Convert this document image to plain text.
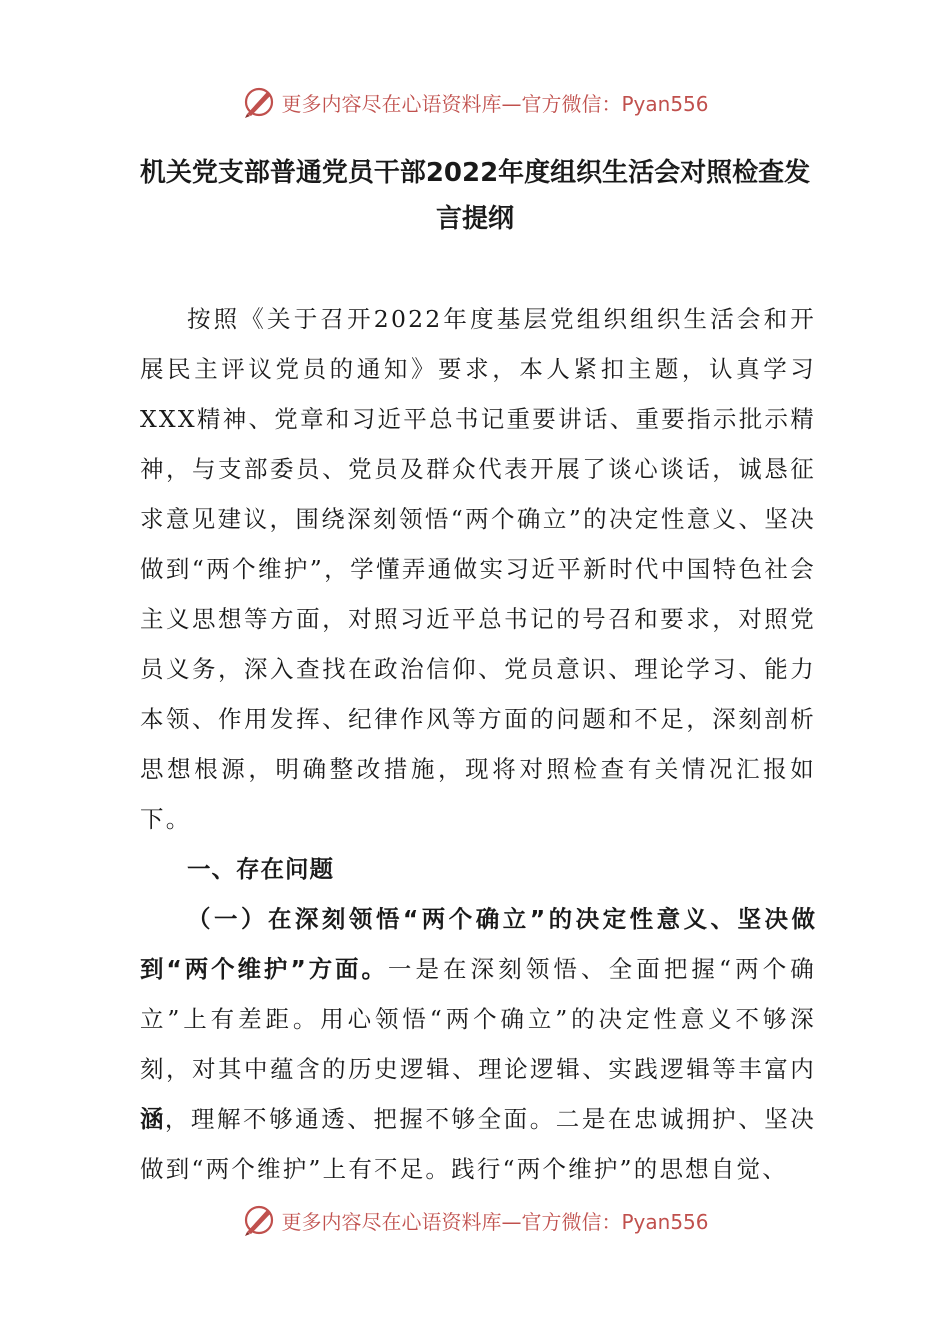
更多内容尽在心语资料库—官方微信：Pyan556
机关党支部普通党员干部2022年度组织生活会对照检查发言提纲

按照《关于召开2022年度基层党组织组织生活会和开展民主评议党员的通知》要求，本人紧扣主题，认真学习XXX精神、党章和习近平总书记重要讲话、重要指示批示精神，与支部委员、党员及群众代表开展了谈心谈话，诚恳征求意见建议，围绕深刻领悟“两个确立”的决定性意义、坚决做到“两个维护”，学懂弄通做实习近平新时代中国特色社会主义思想等方面，对照习近平总书记的号召和要求，对照党员义务，深入查找在政治信仰、党员意识、理论学习、能力本领、作用发挥、纪律作风等方面的问题和不足，深刻剖析思想根源，明确整改措施，现将对照检查有关情况汇报如下。

一、存在问题

（一）在深刻领悟“两个确立”的决定性意义、坚决做到“两个维护”方面。一是在深刻领悟、全面把握“两个确立”上有差距。用心领悟“两个确立”的决定性意义不够深刻，对其中蕴含的历史逻辑、理论逻辑、实践逻辑等丰富内涵，理解不够通透、把握不够全面。二是在忠诚拥护、坚决做到“两个维护”上有不足。践行“两个维护”的思想自觉、

更多内容尽在心语资料库—官方微信：Pyan556
